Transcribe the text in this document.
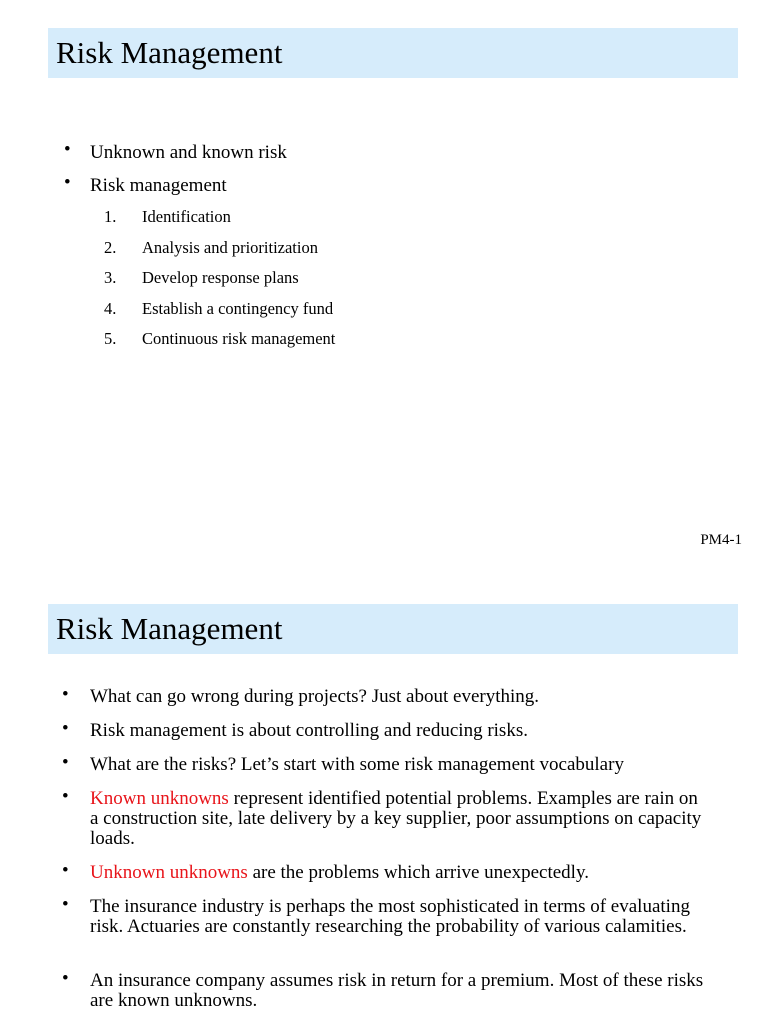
Risk Management
• Unknown and known risk
• Risk management
1. Identification
2. Analysis and prioritization
3. Develop response plans
4. Establish a contingency fund
5. Continuous risk management
PM4-1
Risk Management
• What can go wrong during projects? Just about everything.
• Risk management is about controlling and reducing risks.
• What are the risks? Let’s start with some risk management vocabulary
• Known unknowns represent identified potential problems. Examples are rain on a construction site, late delivery by a key supplier, poor assumptions on capacity loads.
• Unknown unknowns are the problems which arrive unexpectedly.
• The insurance industry is perhaps the most sophisticated in terms of evaluating risk. Actuaries are constantly researching the probability of various calamities.
• An insurance company assumes risk in return for a premium. Most of these risks are known unknowns.
